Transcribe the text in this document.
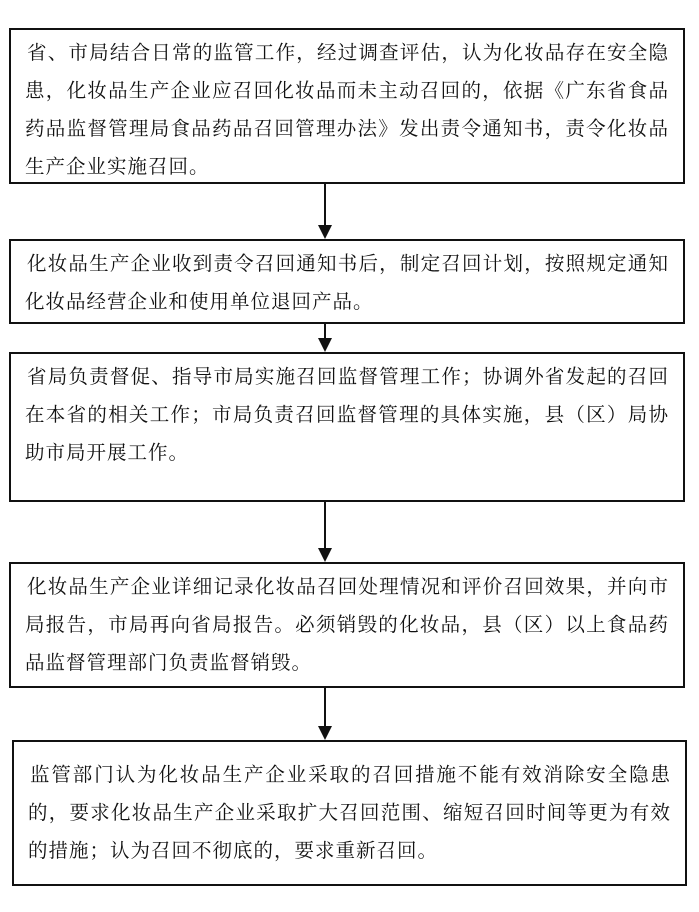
省、市局结合日常的监管工作，经过调查评估，认为化妆品存在安全隐患，化妆品生产企业应召回化妆品而未主动召回的，依据《广东省食品药品监督管理局食品药品召回管理办法》发出责令通知书，责令化妆品生产企业实施召回。

化妆品生产企业收到责令召回通知书后，制定召回计划，按照规定通知化妆品经营企业和使用单位退回产品。

省局负责督促、指导市局实施召回监督管理工作；协调外省发起的召回在本省的相关工作；市局负责召回监督管理的具体实施，县（区）局协助市局开展工作。

化妆品生产企业详细记录化妆品召回处理情况和评价召回效果，并向市局报告，市局再向省局报告。必须销毁的化妆品，县（区）以上食品药品监督管理部门负责监督销毁。

监管部门认为化妆品生产企业采取的召回措施不能有效消除安全隐患的，要求化妆品生产企业采取扩大召回范围、缩短召回时间等更为有效的措施；认为召回不彻底的，要求重新召回。
